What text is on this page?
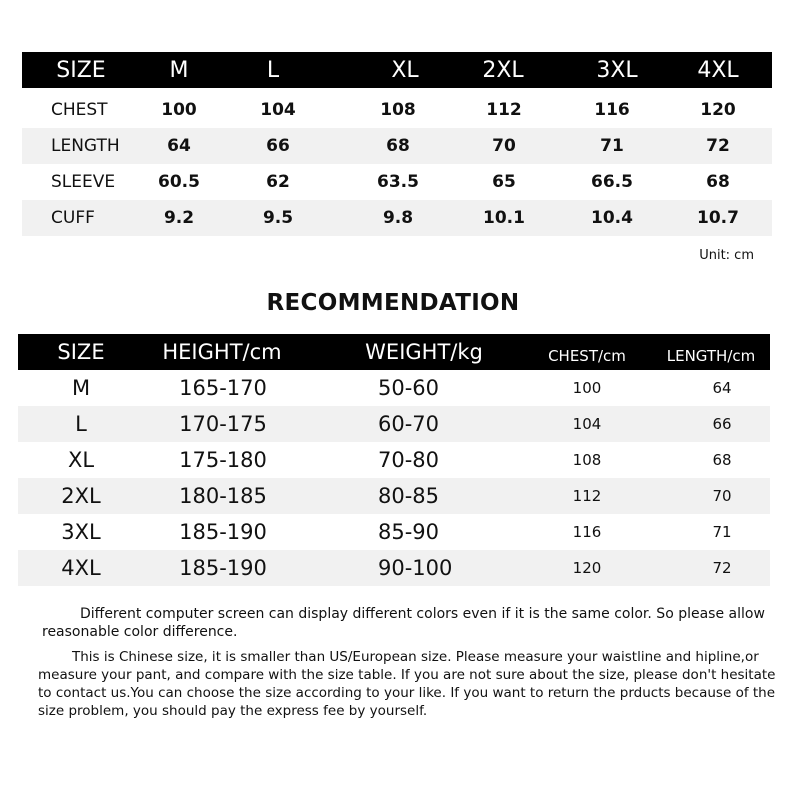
SIZE	M	L	XL	2XL	3XL	4XL
CHEST	100	104	108	112	116	120
LENGTH	64	66	68	70	71	72
SLEEVE	60.5	62	63.5	65	66.5	68
CUFF	9.2	9.5	9.8	10.1	10.4	10.7
Unit: cm
RECOMMENDATION
SIZE	HEIGHT/cm	WEIGHT/kg	CHEST/cm	LENGTH/cm
M	165-170	50-60	100	64
L	170-175	60-70	104	66
XL	175-180	70-80	108	68
2XL	180-185	80-85	112	70
3XL	185-190	85-90	116	71
4XL	185-190	90-100	120	72
Different computer screen can display different colors even if it is the same color. So please allow reasonable color difference.
This is Chinese size, it is smaller than US/European size. Please measure your waistline and hipline,or measure your pant, and compare with the size table. If you are not sure about the size, please don't hesitate to contact us.You can choose the size according to your like. If you want to return the prducts because of the size problem, you should pay the express fee by yourself.
